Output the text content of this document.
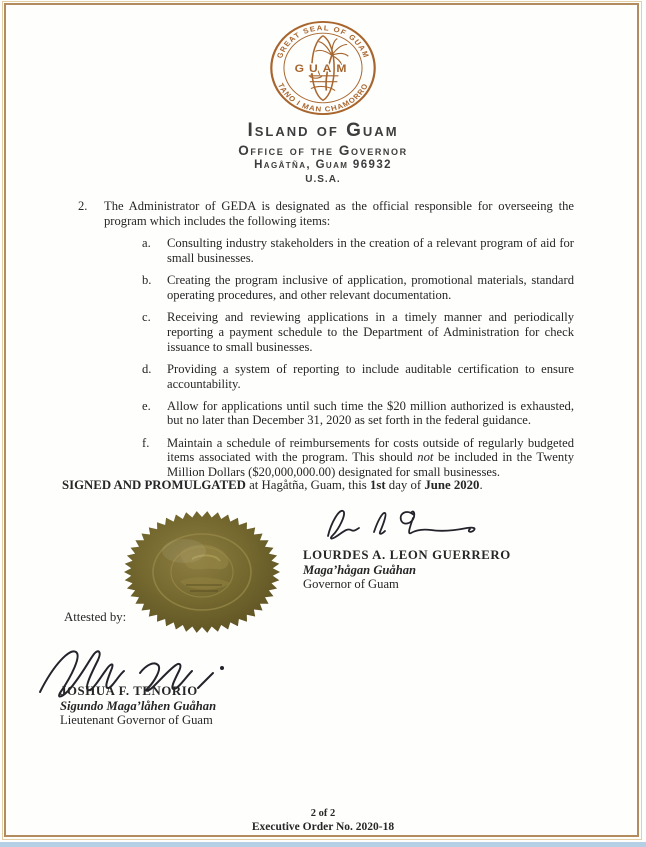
GUAM
GREAT SEAL OF GUAM
TANO I MAN CHAMORRO
Island of Guam
Office of the Governor
Hagåtña, Guam 96932
U.S.A.
2.	The Administrator of GEDA is designated as the official responsible for overseeing the program which includes the following items:
a.	Consulting industry stakeholders in the creation of a relevant program of aid for small businesses.
b.	Creating the program inclusive of application, promotional materials, standard operating procedures, and other relevant documentation.
c.	Receiving and reviewing applications in a timely manner and periodically reporting a payment schedule to the Department of Administration for check issuance to small businesses.
d.	Providing a system of reporting to include auditable certification to ensure accountability.
e.	Allow for applications until such time the $20 million authorized is exhausted, but no later than December 31, 2020 as set forth in the federal guidance.
f.	Maintain a schedule of reimbursements for costs outside of regularly budgeted items associated with the program. This should not be included in the Twenty Million Dollars ($20,000,000.00) designated for small businesses.
SIGNED AND PROMULGATED at Hagåtña, Guam, this 1st day of June 2020.
LOURDES A. LEON GUERRERO
Maga’hågan Guåhan
Governor of Guam
Attested by:
JOSHUA F. TENORIO
Sigundo Maga’låhen Guåhan
Lieutenant Governor of Guam
2 of 2
Executive Order No. 2020-18
